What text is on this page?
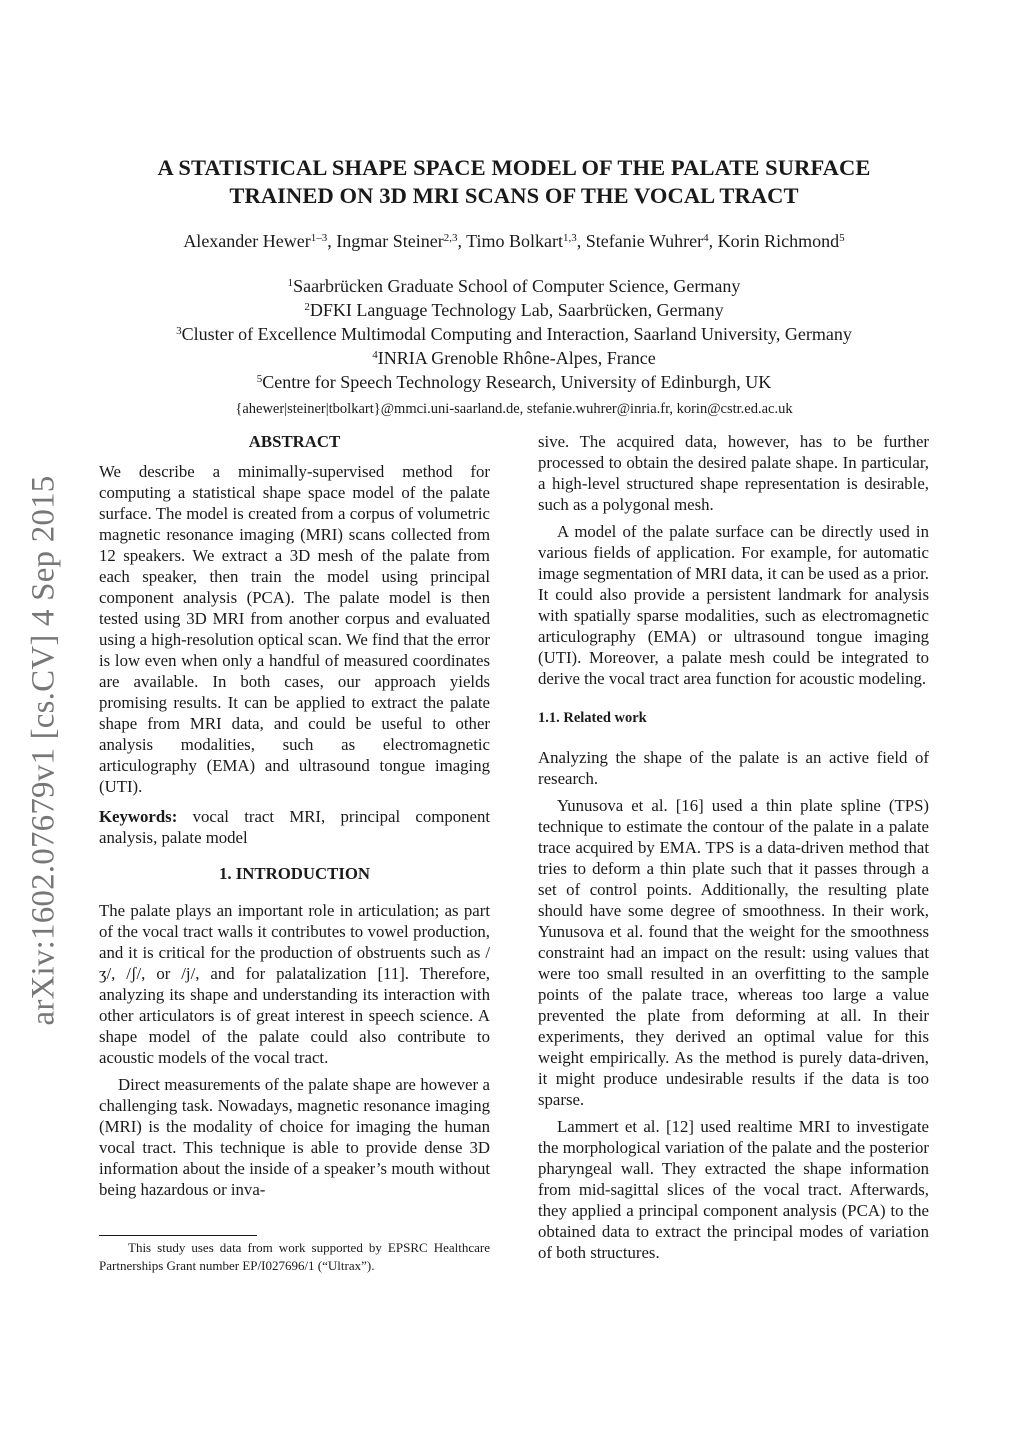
arXiv:1602.07679v1 [cs.CV] 4 Sep 2015
A STATISTICAL SHAPE SPACE MODEL OF THE PALATE SURFACE
TRAINED ON 3D MRI SCANS OF THE VOCAL TRACT
Alexander Hewer$^{1-3}$, Ingmar Steiner$^{2,3}$, Timo Bolkart$^{1,3}$, Stefanie Wuhrer$^4$, Korin Richmond$^5$
$^1$Saarbrücken Graduate School of Computer Science, Germany
$^2$DFKI Language Technology Lab, Saarbrücken, Germany
$^3$Cluster of Excellence Multimodal Computing and Interaction, Saarland University, Germany
$^4$INRIA Grenoble Rhône-Alpes, France
$^5$Centre for Speech Technology Research, University of Edinburgh, UK
{ahewer|steiner|tbolkart}@mmci.uni-saarland.de, stefanie.wuhrer@inria.fr, korin@cstr.ed.ac.uk

ABSTRACT

We describe a minimally-supervised method for computing a statistical shape space model of the palate surface. The model is created from a corpus of volumetric magnetic resonance imaging (MRI) scans collected from 12 speakers. We extract a 3D mesh of the palate from each speaker, then train the model using principal component analysis (PCA). The palate model is then tested using 3D MRI from another corpus and evaluated using a high-resolution optical scan. We find that the error is low even when only a handful of measured coordinates are available. In both cases, our approach yields promising results. It can be applied to extract the palate shape from MRI data, and could be useful to other analysis modalities, such as electromagnetic articulography (EMA) and ultrasound tongue imaging (UTI).

Keywords: vocal tract MRI, principal component analysis, palate model

1. INTRODUCTION

The palate plays an important role in articulation; as part of the vocal tract walls it contributes to vowel production, and it is critical for the production of obstruents such as /ʒ/, /ʃ/, or /j/, and for palatalization [11]. Therefore, analyzing its shape and understanding its interaction with other articulators is of great interest in speech science. A shape model of the palate could also contribute to acoustic models of the vocal tract.

Direct measurements of the palate shape are however a challenging task. Nowadays, magnetic resonance imaging (MRI) is the modality of choice for imaging the human vocal tract. This technique is able to provide dense 3D information about the inside of a speaker’s mouth without being hazardous or inva-

sive. The acquired data, however, has to be further processed to obtain the desired palate shape. In particular, a high-level structured shape representation is desirable, such as a polygonal mesh.

A model of the palate surface can be directly used in various fields of application. For example, for automatic image segmentation of MRI data, it can be used as a prior. It could also provide a persistent landmark for analysis with spatially sparse modalities, such as electromagnetic articulography (EMA) or ultrasound tongue imaging (UTI). Moreover, a palate mesh could be integrated to derive the vocal tract area function for acoustic modeling.

1.1. Related work

Analyzing the shape of the palate is an active field of research.

Yunusova et al. [16] used a thin plate spline (TPS) technique to estimate the contour of the palate in a palate trace acquired by EMA. TPS is a data-driven method that tries to deform a thin plate such that it passes through a set of control points. Additionally, the resulting plate should have some degree of smoothness. In their work, Yunusova et al. found that the weight for the smoothness constraint had an impact on the result: using values that were too small resulted in an overfitting to the sample points of the palate trace, whereas too large a value prevented the plate from deforming at all. In their experiments, they derived an optimal value for this weight empirically. As the method is purely data-driven, it might produce undesirable results if the data is too sparse.

Lammert et al. [12] used realtime MRI to investigate the morphological variation of the palate and the posterior pharyngeal wall. They extracted the shape information from mid-sagittal slices of the vocal tract. Afterwards, they applied a principal component analysis (PCA) to the obtained data to extract the principal modes of variation of both structures.

This study uses data from work supported by EPSRC Healthcare Partnerships Grant number EP/I027696/1 (“Ultrax”).
